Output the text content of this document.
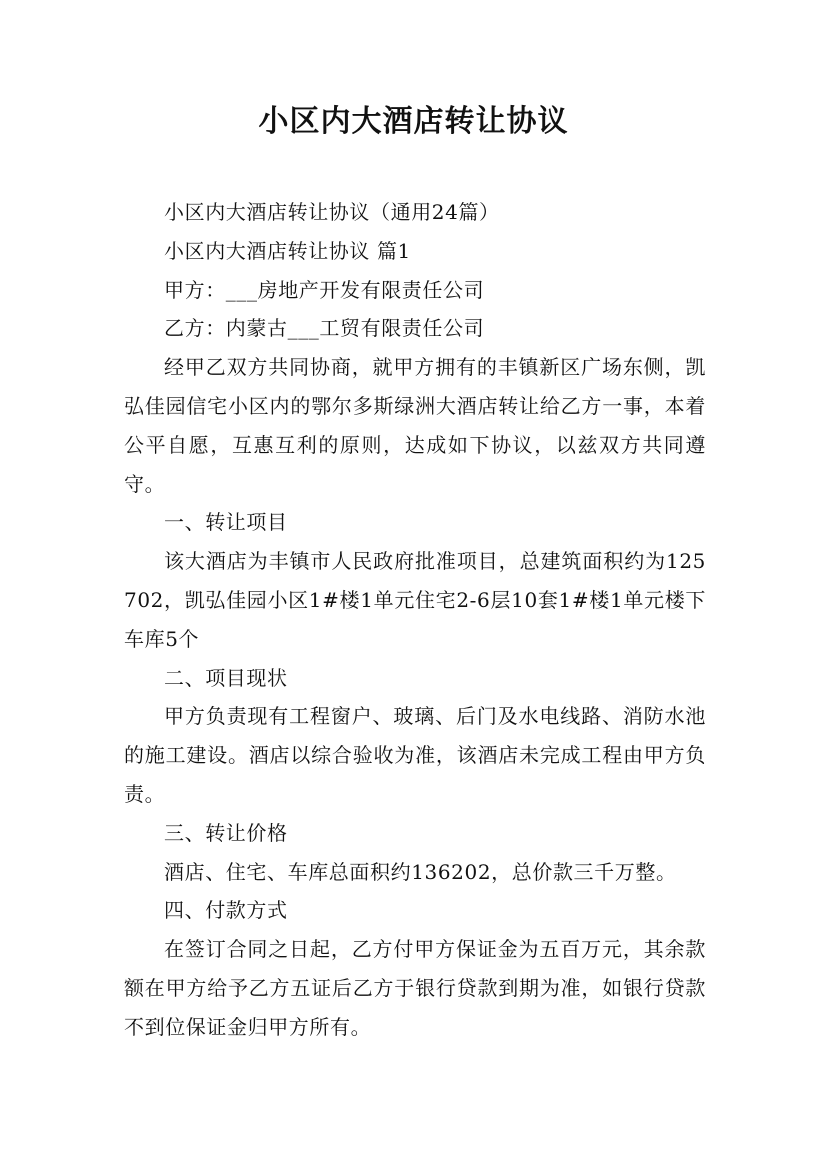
小区内大酒店转让协议

小区内大酒店转让协议（通用24篇）

小区内大酒店转让协议 篇1

甲方：___房地产开发有限责任公司

乙方：内蒙古___工贸有限责任公司

经甲乙双方共同协商，就甲方拥有的丰镇新区广场东侧，凯弘佳园信宅小区内的鄂尔多斯绿洲大酒店转让给乙方一事，本着公平自愿，互惠互利的原则，达成如下协议，以兹双方共同遵守。

一、转让项目

该大酒店为丰镇市人民政府批准项目，总建筑面积约为125702，凯弘佳园小区1#楼1单元住宅2-6层10套1#楼1单元楼下车库5个

二、项目现状

甲方负责现有工程窗户、玻璃、后门及水电线路、消防水池的施工建设。酒店以综合验收为准，该酒店未完成工程由甲方负责。

三、转让价格

酒店、住宅、车库总面积约136202，总价款三千万整。

四、付款方式

在签订合同之日起，乙方付甲方保证金为五百万元，其余款额在甲方给予乙方五证后乙方于银行贷款到期为准，如银行贷款不到位保证金归甲方所有。
